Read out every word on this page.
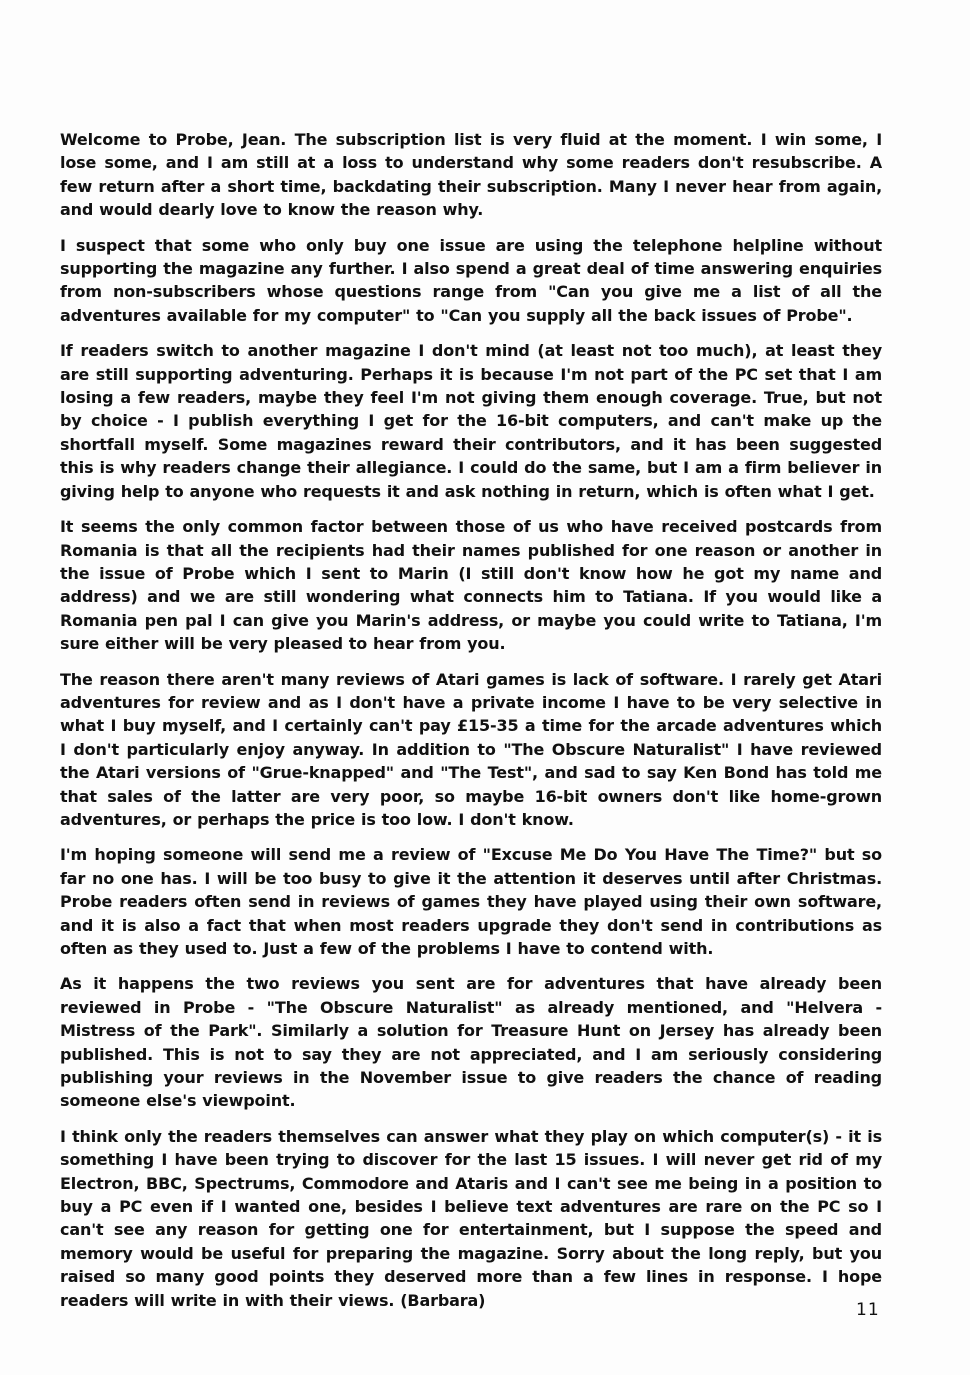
Welcome to Probe, Jean. The subscription list is very fluid at the moment. I win some, I lose some, and I am still at a loss to understand why some readers don't resubscribe. A few return after a short time, backdating their subscription. Many I never hear from again, and would dearly love to know the reason why.

I suspect that some who only buy one issue are using the telephone helpline without supporting the magazine any further. I also spend a great deal of time answering enquiries from non-subscribers whose questions range from "Can you give me a list of all the adventures available for my computer" to "Can you supply all the back issues of Probe".

If readers switch to another magazine I don't mind (at least not too much), at least they are still supporting adventuring. Perhaps it is because I'm not part of the PC set that I am losing a few readers, maybe they feel I'm not giving them enough coverage. True, but not by choice - I publish everything I get for the 16-bit computers, and can't make up the shortfall myself. Some magazines reward their contributors, and it has been suggested this is why readers change their allegiance. I could do the same, but I am a firm believer in giving help to anyone who requests it and ask nothing in return, which is often what I get.

It seems the only common factor between those of us who have received postcards from Romania is that all the recipients had their names published for one reason or another in the issue of Probe which I sent to Marin (I still don't know how he got my name and address) and we are still wondering what connects him to Tatiana. If you would like a Romania pen pal I can give you Marin's address, or maybe you could write to Tatiana, I'm sure either will be very pleased to hear from you.

The reason there aren't many reviews of Atari games is lack of software. I rarely get Atari adventures for review and as I don't have a private income I have to be very selective in what I buy myself, and I certainly can't pay £15-35 a time for the arcade adventures which I don't particularly enjoy anyway. In addition to "The Obscure Naturalist" I have reviewed the Atari versions of "Grue-knapped" and "The Test", and sad to say Ken Bond has told me that sales of the latter are very poor, so maybe 16-bit owners don't like home-grown adventures, or perhaps the price is too low. I don't know.

I'm hoping someone will send me a review of "Excuse Me Do You Have The Time?" but so far no one has. I will be too busy to give it the attention it deserves until after Christmas. Probe readers often send in reviews of games they have played using their own software, and it is also a fact that when most readers upgrade they don't send in contributions as often as they used to. Just a few of the problems I have to contend with.

As it happens the two reviews you sent are for adventures that have already been reviewed in Probe - "The Obscure Naturalist" as already mentioned, and "Helvera - Mistress of the Park". Similarly a solution for Treasure Hunt on Jersey has already been published. This is not to say they are not appreciated, and I am seriously considering publishing your reviews in the November issue to give readers the chance of reading someone else's viewpoint.

I think only the readers themselves can answer what they play on which computer(s) - it is something I have been trying to discover for the last 15 issues. I will never get rid of my Electron, BBC, Spectrums, Commodore and Ataris and I can't see me being in a position to buy a PC even if I wanted one, besides I believe text adventures are rare on the PC so I can't see any reason for getting one for entertainment, but I suppose the speed and memory would be useful for preparing the magazine. Sorry about the long reply, but you raised so many good points they deserved more than a few lines in response. I hope readers will write in with their views. (Barbara)	11
